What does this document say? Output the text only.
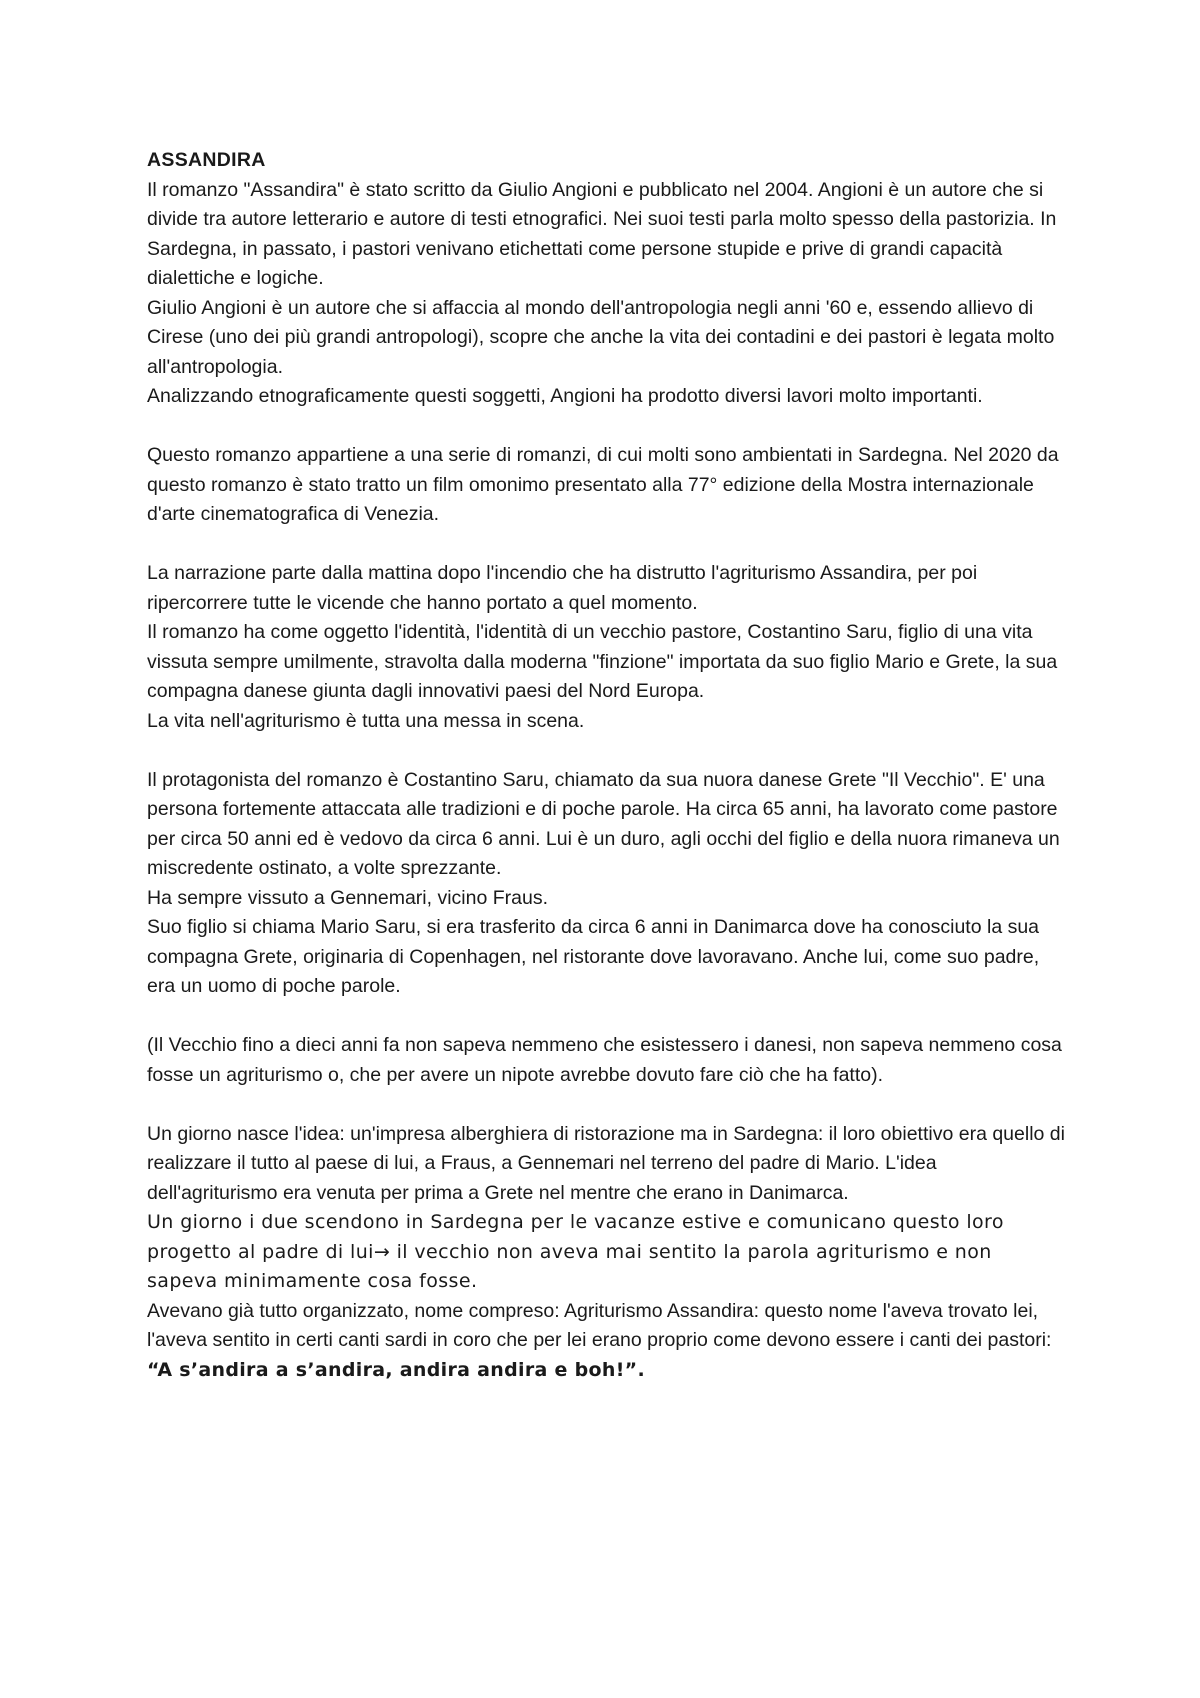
ASSANDIRA

Il romanzo "Assandira" è stato scritto da Giulio Angioni e pubblicato nel 2004. Angioni è un autore che si divide tra autore letterario e autore di testi etnografici. Nei suoi testi parla molto spesso della pastorizia. In Sardegna, in passato, i pastori venivano etichettati come persone stupide e prive di grandi capacità dialettiche e logiche.

Giulio Angioni è un autore che si affaccia al mondo dell'antropologia negli anni '60 e, essendo allievo di Cirese (uno dei più grandi antropologi), scopre che anche la vita dei contadini e dei pastori è legata molto all'antropologia.

Analizzando etnograficamente questi soggetti, Angioni ha prodotto diversi lavori molto importanti.

Questo romanzo appartiene a una serie di romanzi, di cui molti sono ambientati in Sardegna. Nel 2020 da questo romanzo è stato tratto un film omonimo presentato alla 77° edizione della Mostra internazionale d'arte cinematografica di Venezia.

La narrazione parte dalla mattina dopo l'incendio che ha distrutto l'agriturismo Assandira, per poi ripercorrere tutte le vicende che hanno portato a quel momento.

Il romanzo ha come oggetto l'identità, l'identità di un vecchio pastore, Costantino Saru, figlio di una vita vissuta sempre umilmente, stravolta dalla moderna "finzione" importata da suo figlio Mario e Grete, la sua compagna danese giunta dagli innovativi paesi del Nord Europa.

La vita nell'agriturismo è tutta una messa in scena.

Il protagonista del romanzo è Costantino Saru, chiamato da sua nuora danese Grete "Il Vecchio". E' una persona fortemente attaccata alle tradizioni e di poche parole. Ha circa 65 anni, ha lavorato come pastore per circa 50 anni ed è vedovo da circa 6 anni. Lui è un duro, agli occhi del figlio e della nuora rimaneva un miscredente ostinato, a volte sprezzante.

Ha sempre vissuto a Gennemari, vicino Fraus.

Suo figlio si chiama Mario Saru, si era trasferito da circa 6 anni in Danimarca dove ha conosciuto la sua compagna Grete, originaria di Copenhagen, nel ristorante dove lavoravano. Anche lui, come suo padre, era un uomo di poche parole.

(Il Vecchio fino a dieci anni fa non sapeva nemmeno che esistessero i danesi, non sapeva nemmeno cosa fosse un agriturismo o, che per avere un nipote avrebbe dovuto fare ciò che ha fatto).

Un giorno nasce l'idea: un'impresa alberghiera di ristorazione ma in Sardegna: il loro obiettivo era quello di realizzare il tutto al paese di lui, a Fraus, a Gennemari nel terreno del padre di Mario. L'idea dell'agriturismo era venuta per prima a Grete nel mentre che erano in Danimarca.

Un giorno i due scendono in Sardegna per le vacanze estive e comunicano questo loro progetto al padre di lui→ il vecchio non aveva mai sentito la parola agriturismo e non sapeva minimamente cosa fosse.

Avevano già tutto organizzato, nome compreso: Agriturismo Assandira: questo nome l'aveva trovato lei, l'aveva sentito in certi canti sardi in coro che per lei erano proprio come devono essere i canti dei pastori:

“A s’andira a s’andira, andira andira e boh!”.
